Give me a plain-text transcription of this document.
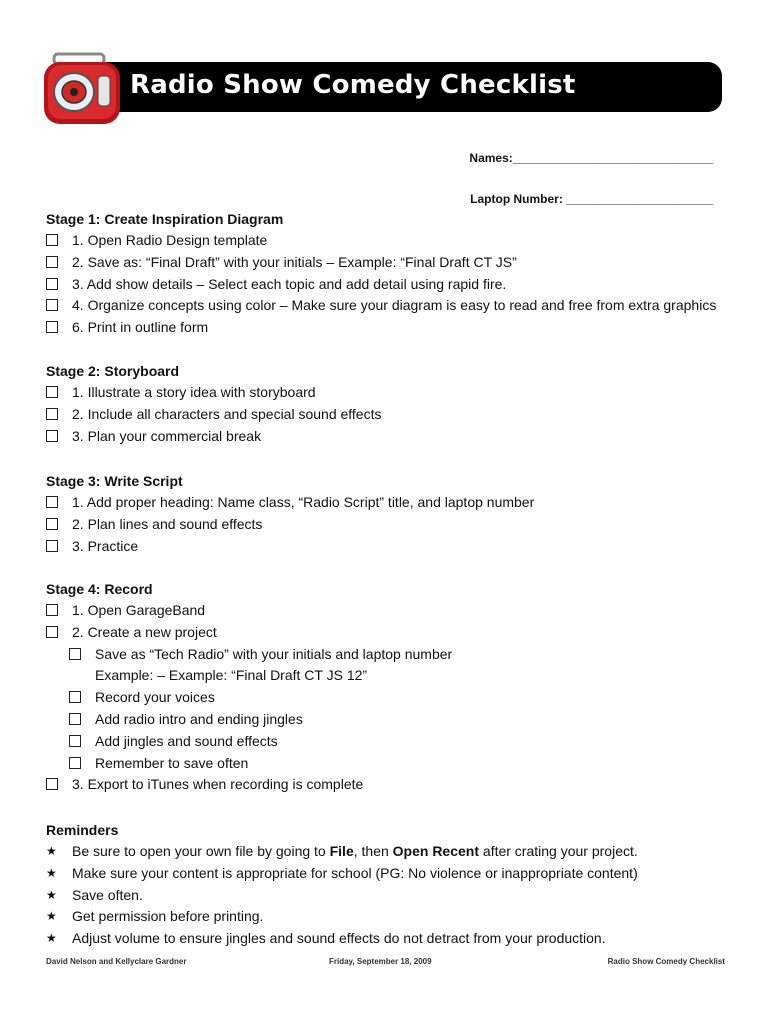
Radio Show Comedy Checklist
Names:______________________________
Laptop Number: ______________________
Stage 1: Create Inspiration Diagram
1. Open Radio Design template
2. Save as: “Final Draft” with your initials – Example: “Final Draft CT JS”
3. Add show details – Select each topic and add detail using rapid fire.
4. Organize concepts using color – Make sure your diagram is easy to read and free from extra graphics
6. Print in outline form
Stage 2: Storyboard
1. Illustrate a story idea with storyboard
2. Include all characters and special sound effects
3. Plan your commercial break
Stage 3: Write Script
1. Add proper heading: Name class, “Radio Script” title, and laptop number
2. Plan lines and sound effects
3. Practice
Stage 4: Record
1. Open GarageBand
2. Create a new project
Save as “Tech Radio” with your initials and laptop number
Example: – Example: “Final Draft CT JS 12”
Record your voices
Add radio intro and ending jingles
Add jingles and sound effects
Remember to save often
3. Export to iTunes when recording is complete
Reminders
★ Be sure to open your own file by going to File, then Open Recent after crating your project.
★ Make sure your content is appropriate for school (PG: No violence or inappropriate content)
★ Save often.
★ Get permission before printing.
★ Adjust volume to ensure jingles and sound effects do not detract from your production.
David Nelson and Kellyclare Gardner	Friday, September 18, 2009	Radio Show Comedy Checklist
